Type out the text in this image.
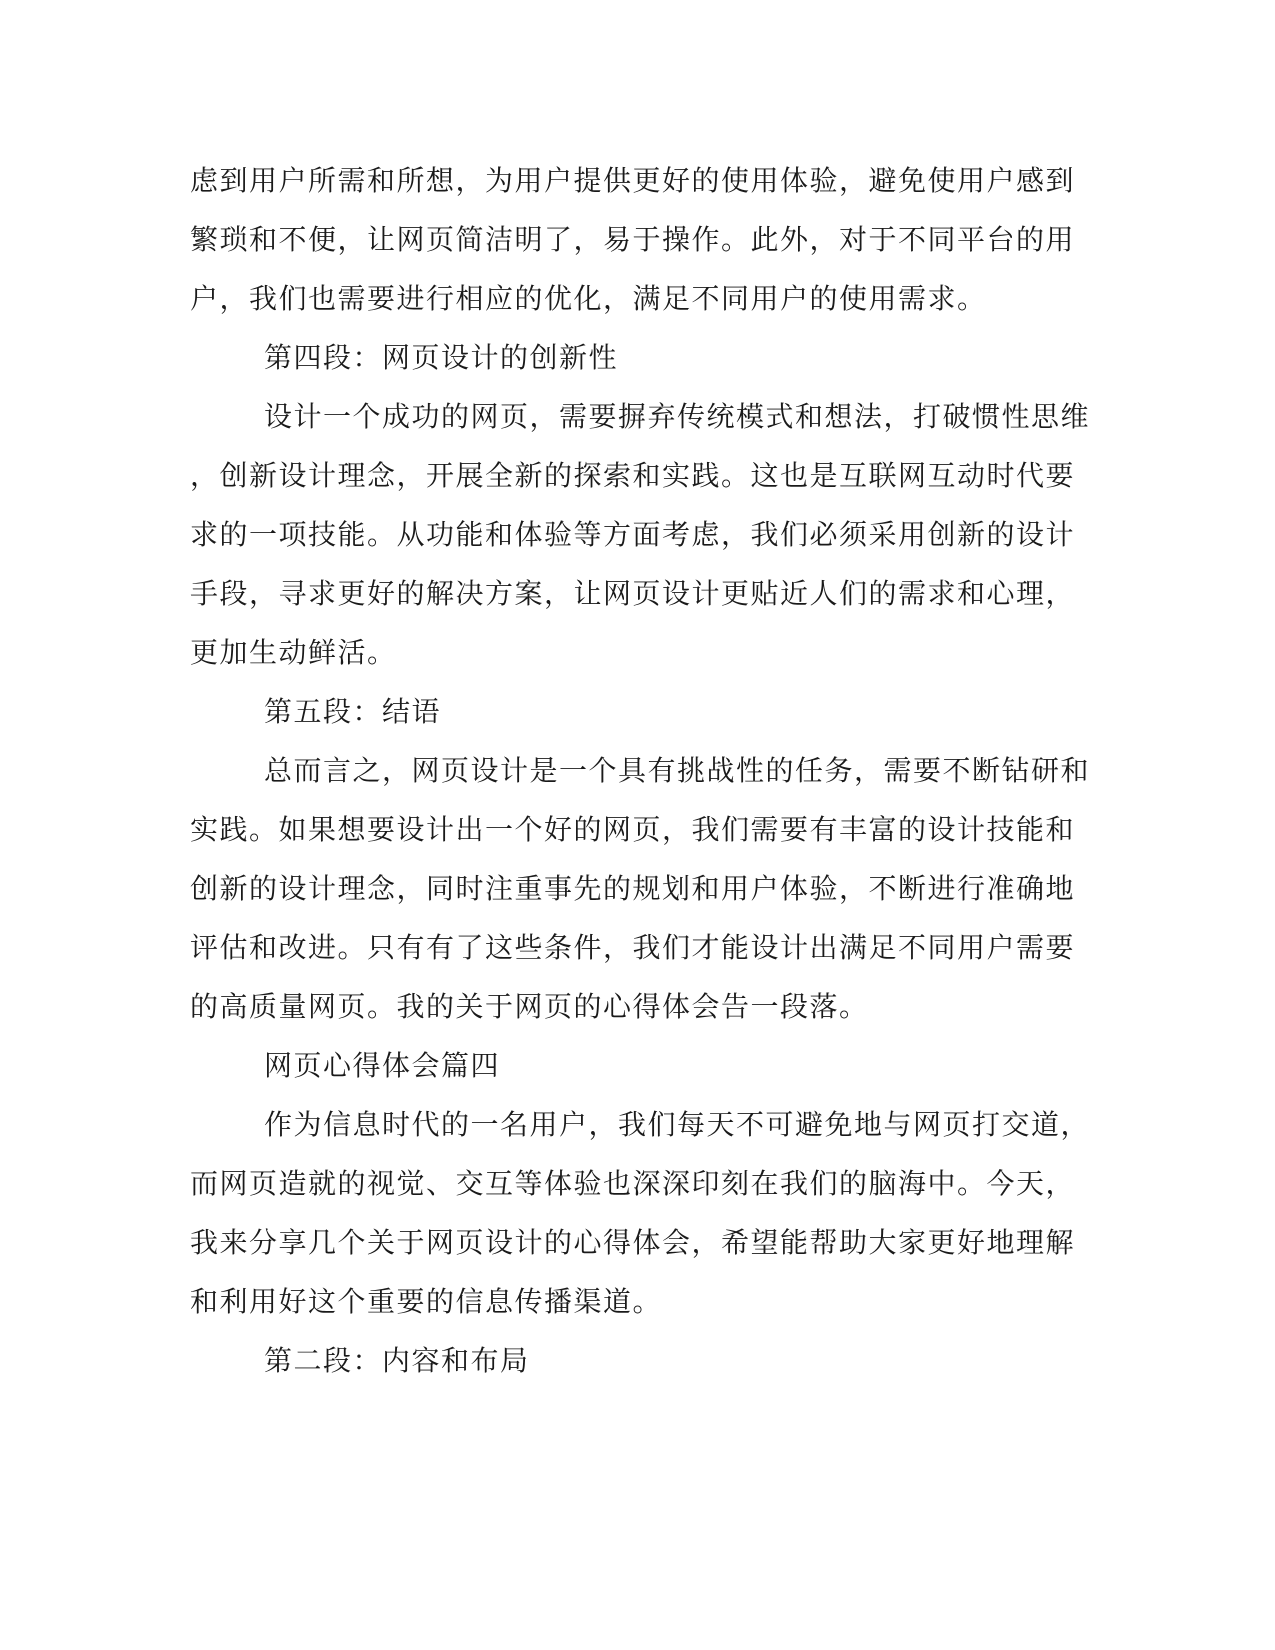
虑到用户所需和所想，为用户提供更好的使用体验，避免使用户感到
繁琐和不便，让网页简洁明了，易于操作。此外，对于不同平台的用
户，我们也需要进行相应的优化，满足不同用户的使用需求。
第四段：网页设计的创新性
设计一个成功的网页，需要摒弃传统模式和想法，打破惯性思维
，创新设计理念，开展全新的探索和实践。这也是互联网互动时代要
求的一项技能。从功能和体验等方面考虑，我们必须采用创新的设计
手段，寻求更好的解决方案，让网页设计更贴近人们的需求和心理，
更加生动鲜活。
第五段：结语
总而言之，网页设计是一个具有挑战性的任务，需要不断钻研和
实践。如果想要设计出一个好的网页，我们需要有丰富的设计技能和
创新的设计理念，同时注重事先的规划和用户体验，不断进行准确地
评估和改进。只有有了这些条件，我们才能设计出满足不同用户需要
的高质量网页。我的关于网页的心得体会告一段落。
网页心得体会篇四
作为信息时代的一名用户，我们每天不可避免地与网页打交道，
而网页造就的视觉、交互等体验也深深印刻在我们的脑海中。今天，
我来分享几个关于网页设计的心得体会，希望能帮助大家更好地理解
和利用好这个重要的信息传播渠道。
第二段：内容和布局
